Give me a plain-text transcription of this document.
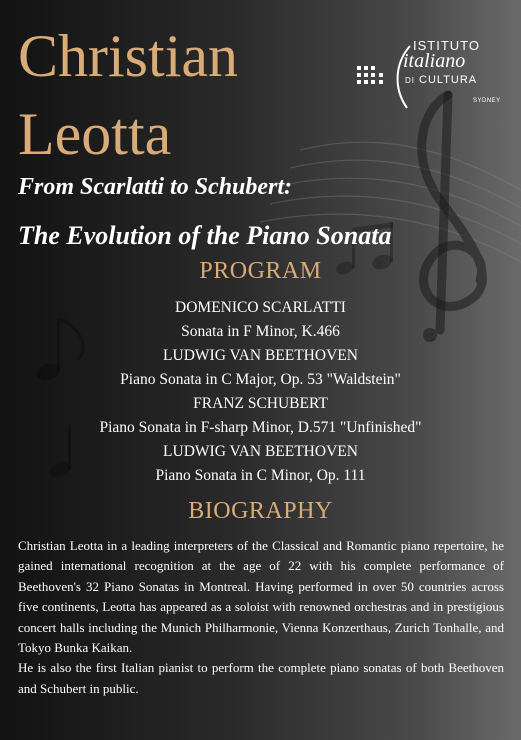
Christian
Leotta
ISTITUTO
italiano
DI CULTURA
SYDNEY
From Scarlatti to Schubert:
The Evolution of the Piano Sonata
PROGRAM
DOMENICO SCARLATTI
Sonata in F Minor, K.466
LUDWIG VAN BEETHOVEN
Piano Sonata in C Major, Op. 53 "Waldstein"
FRANZ SCHUBERT
Piano Sonata in F-sharp Minor, D.571 "Unfinished"
LUDWIG VAN BEETHOVEN
Piano Sonata in C Minor, Op. 111
BIOGRAPHY

Christian Leotta in a leading interpreters of the Classical and Romantic piano repertoire, he gained international recognition at the age of 22 with his complete performance of Beethoven's 32 Piano Sonatas in Montreal. Having performed in over 50 countries across five continents, Leotta has appeared as a soloist with renowned orchestras and in prestigious concert halls including the Munich Philharmonie, Vienna Konzerthaus, Zurich Tonhalle, and Tokyo Bunka Kaikan.

He is also the first Italian pianist to perform the complete piano sonatas of both Beethoven and Schubert in public.
